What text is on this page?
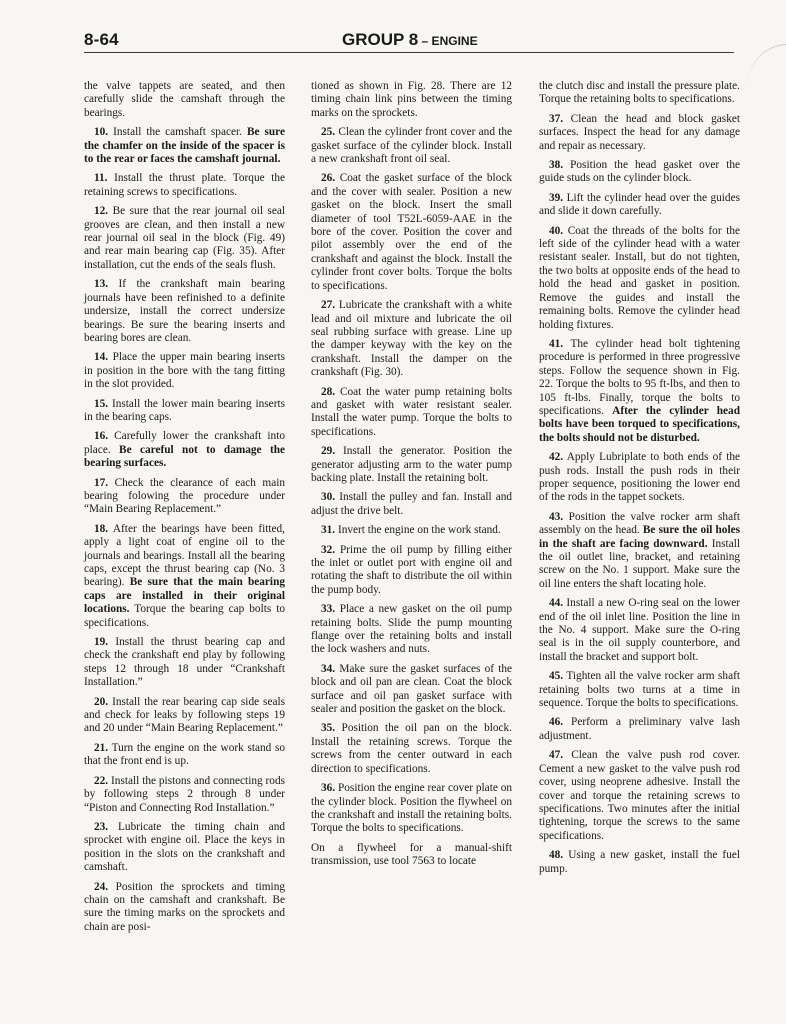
8-64	GROUP 8 – ENGINE

the valve tappets are seated, and then carefully slide the camshaft through the bearings.

10. Install the camshaft spacer. Be sure the chamfer on the inside of the spacer is to the rear or faces the camshaft journal.

11. Install the thrust plate. Torque the retaining screws to specifications.

12. Be sure that the rear journal oil seal grooves are clean, and then install a new rear journal oil seal in the block (Fig. 49) and rear main bearing cap (Fig. 35). After installation, cut the ends of the seals flush.

13. If the crankshaft main bearing journals have been refinished to a definite undersize, install the correct undersize bearings. Be sure the bearing inserts and bearing bores are clean.

14. Place the upper main bearing inserts in position in the bore with the tang fitting in the slot provided.

15. Install the lower main bearing inserts in the bearing caps.

16. Carefully lower the crankshaft into place. Be careful not to damage the bearing surfaces.

17. Check the clearance of each main bearing folowing the procedure under “Main Bearing Replacement.”

18. After the bearings have been fitted, apply a light coat of engine oil to the journals and bearings. Install all the bearing caps, except the thrust bearing cap (No. 3 bearing). Be sure that the main bearing caps are installed in their original locations. Torque the bearing cap bolts to specifications.

19. Install the thrust bearing cap and check the crankshaft end play by following steps 12 through 18 under “Crankshaft Installation.”

20. Install the rear bearing cap side seals and check for leaks by following steps 19 and 20 under “Main Bearing Replacement.”

21. Turn the engine on the work stand so that the front end is up.

22. Install the pistons and connecting rods by following steps 2 through 8 under “Piston and Connecting Rod Installation.”

23. Lubricate the timing chain and sprocket with engine oil. Place the keys in position in the slots on the crankshaft and camshaft.

24. Position the sprockets and timing chain on the camshaft and crankshaft. Be sure the timing marks on the sprockets and chain are posi-

tioned as shown in Fig. 28. There are 12 timing chain link pins between the timing marks on the sprockets.

25. Clean the cylinder front cover and the gasket surface of the cylinder block. Install a new crankshaft front oil seal.

26. Coat the gasket surface of the block and the cover with sealer. Position a new gasket on the block. Insert the small diameter of tool T52L-6059-AAE in the bore of the cover. Position the cover and pilot assembly over the end of the crankshaft and against the block. Install the cylinder front cover bolts. Torque the bolts to specifications.

27. Lubricate the crankshaft with a white lead and oil mixture and lubricate the oil seal rubbing surface with grease. Line up the damper keyway with the key on the crankshaft. Install the damper on the crankshaft (Fig. 30).

28. Coat the water pump retaining bolts and gasket with water resistant sealer. Install the water pump. Torque the bolts to specifications.

29. Install the generator. Position the generator adjusting arm to the water pump backing plate. Install the retaining bolt.

30. Install the pulley and fan. Install and adjust the drive belt.

31. Invert the engine on the work stand.

32. Prime the oil pump by filling either the inlet or outlet port with engine oil and rotating the shaft to distribute the oil within the pump body.

33. Place a new gasket on the oil pump retaining bolts. Slide the pump mounting flange over the retaining bolts and install the lock washers and nuts.

34. Make sure the gasket surfaces of the block and oil pan are clean. Coat the block surface and oil pan gasket surface with sealer and position the gasket on the block.

35. Position the oil pan on the block. Install the retaining screws. Torque the screws from the center outward in each direction to specifications.

36. Position the engine rear cover plate on the cylinder block. Position the flywheel on the crankshaft and install the retaining bolts. Torque the bolts to specifications.

On a flywheel for a manual-shift transmission, use tool 7563 to locate

the clutch disc and install the pressure plate. Torque the retaining bolts to specifications.

37. Clean the head and block gasket surfaces. Inspect the head for any damage and repair as necessary.

38. Position the head gasket over the guide studs on the cylinder block.

39. Lift the cylinder head over the guides and slide it down carefully.

40. Coat the threads of the bolts for the left side of the cylinder head with a water resistant sealer. Install, but do not tighten, the two bolts at opposite ends of the head to hold the head and gasket in position. Remove the guides and install the remaining bolts. Remove the cylinder head holding fixtures.

41. The cylinder head bolt tightening procedure is performed in three progressive steps. Follow the sequence shown in Fig. 22. Torque the bolts to 95 ft-lbs, and then to 105 ft-lbs. Finally, torque the bolts to specifications. After the cylinder head bolts have been torqued to specifications, the bolts should not be disturbed.

42. Apply Lubriplate to both ends of the push rods. Install the push rods in their proper sequence, positioning the lower end of the rods in the tappet sockets.

43. Position the valve rocker arm shaft assembly on the head. Be sure the oil holes in the shaft are facing downward. Install the oil outlet line, bracket, and retaining screw on the No. 1 support. Make sure the oil line enters the shaft locating hole.

44. Install a new O-ring seal on the lower end of the oil inlet line. Position the line in the No. 4 support. Make sure the O-ring seal is in the oil supply counterbore, and install the bracket and support bolt.

45. Tighten all the valve rocker arm shaft retaining bolts two turns at a time in sequence. Torque the bolts to specifications.

46. Perform a preliminary valve lash adjustment.

47. Clean the valve push rod cover. Cement a new gasket to the valve push rod cover, using neoprene adhesive. Install the cover and torque the retaining screws to specifications. Two minutes after the initial tightening, torque the screws to the same specifications.

48. Using a new gasket, install the fuel pump.
